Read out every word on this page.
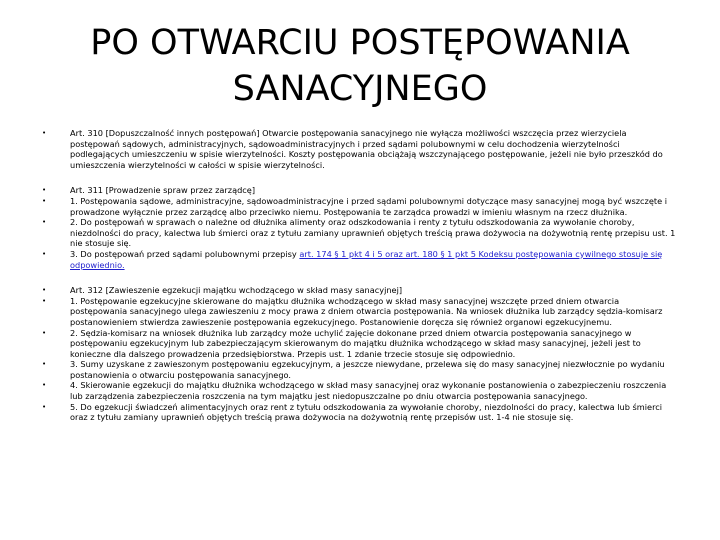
PO OTWARCIU POSTĘPOWANIA
SANACYJNEGO
•	Art. 310 [Dopuszczalność innych postępowań] Otwarcie postępowania sanacyjnego nie wyłącza możliwości wszczęcia przez wierzyciela postępowań sądowych, administracyjnych, sądowoadministracyjnych i przed sądami polubownymi w celu dochodzenia wierzytelności podlegających umieszczeniu w spisie wierzytelności. Koszty postępowania obciążają wszczynającego postępowanie, jeżeli nie było przeszkód do umieszczenia wierzytelności w całości w spisie wierzytelności.
•	Art. 311 [Prowadzenie spraw przez zarządcę]
•	1. Postępowania sądowe, administracyjne, sądowoadministracyjne i przed sądami polubownymi dotyczące masy sanacyjnej mogą być wszczęte i prowadzone wyłącznie przez zarządcę albo przeciwko niemu. Postępowania te zarządca prowadzi w imieniu własnym na rzecz dłużnika.
•	2. Do postępowań w sprawach o należne od dłużnika alimenty oraz odszkodowania i renty z tytułu odszkodowania za wywołanie choroby, niezdolności do pracy, kalectwa lub śmierci oraz z tytułu zamiany uprawnień objętych treścią prawa dożywocia na dożywotnią rentę przepisu ust. 1 nie stosuje się.
•	3. Do postępowań przed sądami polubownymi przepisy art. 174 § 1 pkt 4 i 5 oraz art. 180 § 1 pkt 5 Kodeksu postępowania cywilnego stosuje się odpowiednio.
•	Art. 312 [Zawieszenie egzekucji majątku wchodzącego w skład masy sanacyjnej]
•	1. Postępowanie egzekucyjne skierowane do majątku dłużnika wchodzącego w skład masy sanacyjnej wszczęte przed dniem otwarcia postępowania sanacyjnego ulega zawieszeniu z mocy prawa z dniem otwarcia postępowania. Na wniosek dłużnika lub zarządcy sędzia-komisarz postanowieniem stwierdza zawieszenie postępowania egzekucyjnego. Postanowienie doręcza się również organowi egzekucyjnemu.
•	2. Sędzia-komisarz na wniosek dłużnika lub zarządcy może uchylić zajęcie dokonane przed dniem otwarcia postępowania sanacyjnego w postępowaniu egzekucyjnym lub zabezpieczającym skierowanym do majątku dłużnika wchodzącego w skład masy sanacyjnej, jeżeli jest to konieczne dla dalszego prowadzenia przedsiębiorstwa. Przepis ust. 1 zdanie trzecie stosuje się odpowiednio.
•	3. Sumy uzyskane z zawieszonym postępowaniu egzekucyjnym, a jeszcze niewydane, przelewa się do masy sanacyjnej niezwłocznie po wydaniu postanowienia o otwarciu postępowania sanacyjnego.
•	4. Skierowanie egzekucji do majątku dłużnika wchodzącego w skład masy sanacyjnej oraz wykonanie postanowienia o zabezpieczeniu roszczenia lub zarządzenia zabezpieczenia roszczenia na tym majątku jest niedopuszczalne po dniu otwarcia postępowania sanacyjnego.
•	5. Do egzekucji świadczeń alimentacyjnych oraz rent z tytułu odszkodowania za wywołanie choroby, niezdolności do pracy, kalectwa lub śmierci oraz z tytułu zamiany uprawnień objętych treścią prawa dożywocia na dożywotnią rentę przepisów ust. 1-4 nie stosuje się.
